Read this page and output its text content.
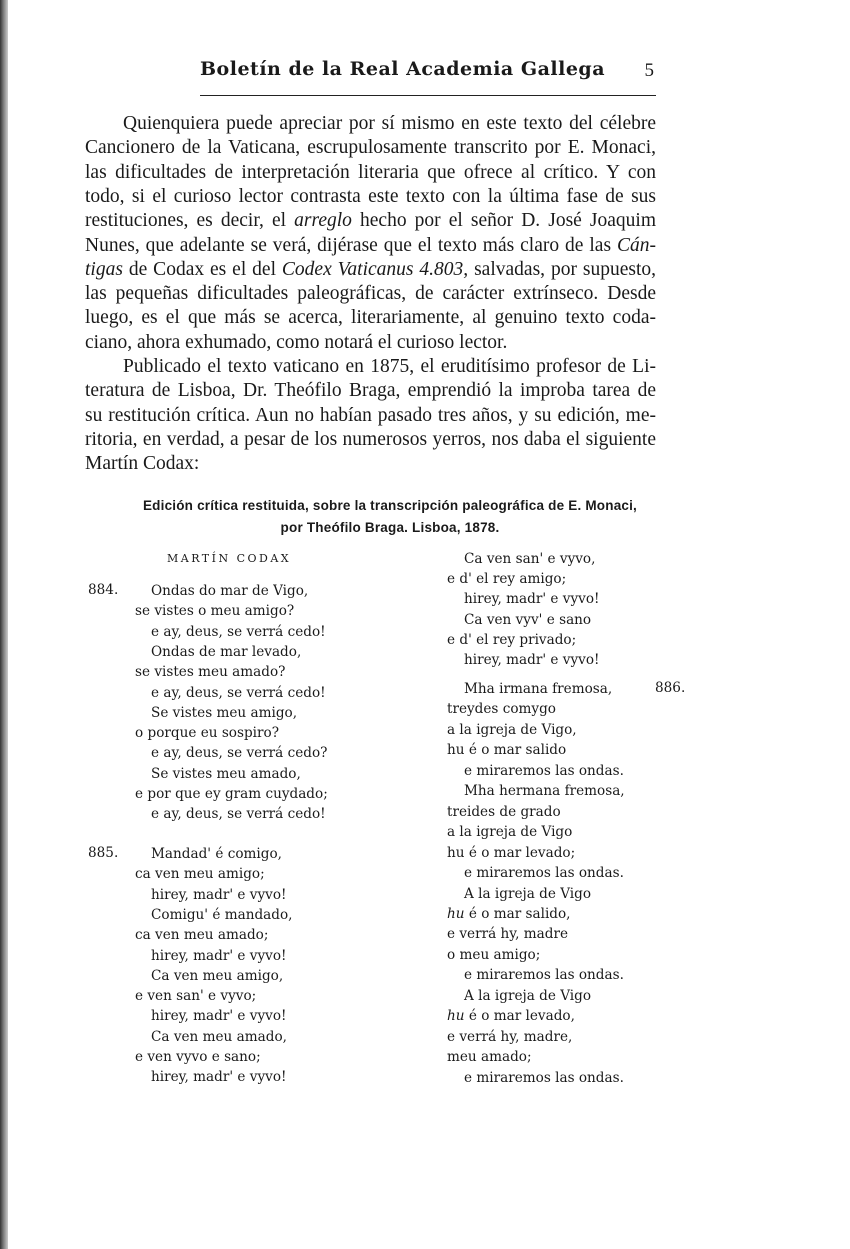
Boletín de la Real Academia Gallega 5
Quienquiera puede apreciar por sí mismo en este texto del célebre
Cancionero de la Vaticana, escrupulosamente transcrito por E. Monaci,
las dificultades de interpretación literaria que ofrece al crítico. Y con
todo, si el curioso lector contrasta este texto con la última fase de sus
restituciones, es decir, el arreglo hecho por el señor D. José Joaquim
Nunes, que adelante se verá, dijérase que el texto más claro de las Cán-
tigas de Codax es el del Codex Vaticanus 4.803, salvadas, por supuesto,
las pequeñas dificultades paleográficas, de carácter extrínseco. Desde
luego, es el que más se acerca, literariamente, al genuino texto coda-
ciano, ahora exhumado, como notará el curioso lector.
Publicado el texto vaticano en 1875, el eruditísimo profesor de Li-
teratura de Lisboa, Dr. Theófilo Braga, emprendió la improba tarea de
su restitución crítica. Aun no habían pasado tres años, y su edición, me-
ritoria, en verdad, a pesar de los numerosos yerros, nos daba el siguiente
Martín Codax:
Edición crítica restituida, sobre la transcripción paleográfica de E. Monaci,
por Theófilo Braga. Lisboa, 1878.
MARTÍN CODAX
884.
885.
886.
Ondas do mar de Vigo,
se vistes o meu amigo?
e ay, deus, se verrá cedo!
Ondas de mar levado,
se vistes meu amado?
e ay, deus, se verrá cedo!
Se vistes meu amigo,
o porque eu sospiro?
e ay, deus, se verrá cedo?
Se vistes meu amado,
e por que ey gram cuydado;
e ay, deus, se verrá cedo!
Mandad' é comigo,
ca ven meu amigo;
hirey, madr' e vyvo!
Comigu' é mandado,
ca ven meu amado;
hirey, madr' e vyvo!
Ca ven meu amigo,
e ven san' e vyvo;
hirey, madr' e vyvo!
Ca ven meu amado,
e ven vyvo e sano;
hirey, madr' e vyvo!
Ca ven san' e vyvo,
e d' el rey amigo;
hirey, madr' e vyvo!
Ca ven vyv' e sano
e d' el rey privado;
hirey, madr' e vyvo!
Mha irmana fremosa,
treydes comygo
a la igreja de Vigo,
hu é o mar salido
e miraremos las ondas.
Mha hermana fremosa,
treides de grado
a la igreja de Vigo
hu é o mar levado;
e miraremos las ondas.
A la igreja de Vigo
hu é o mar salido,
e verrá hy, madre
o meu amigo;
e miraremos las ondas.
A la igreja de Vigo
hu é o mar levado,
e verrá hy, madre,
meu amado;
e miraremos las ondas.
